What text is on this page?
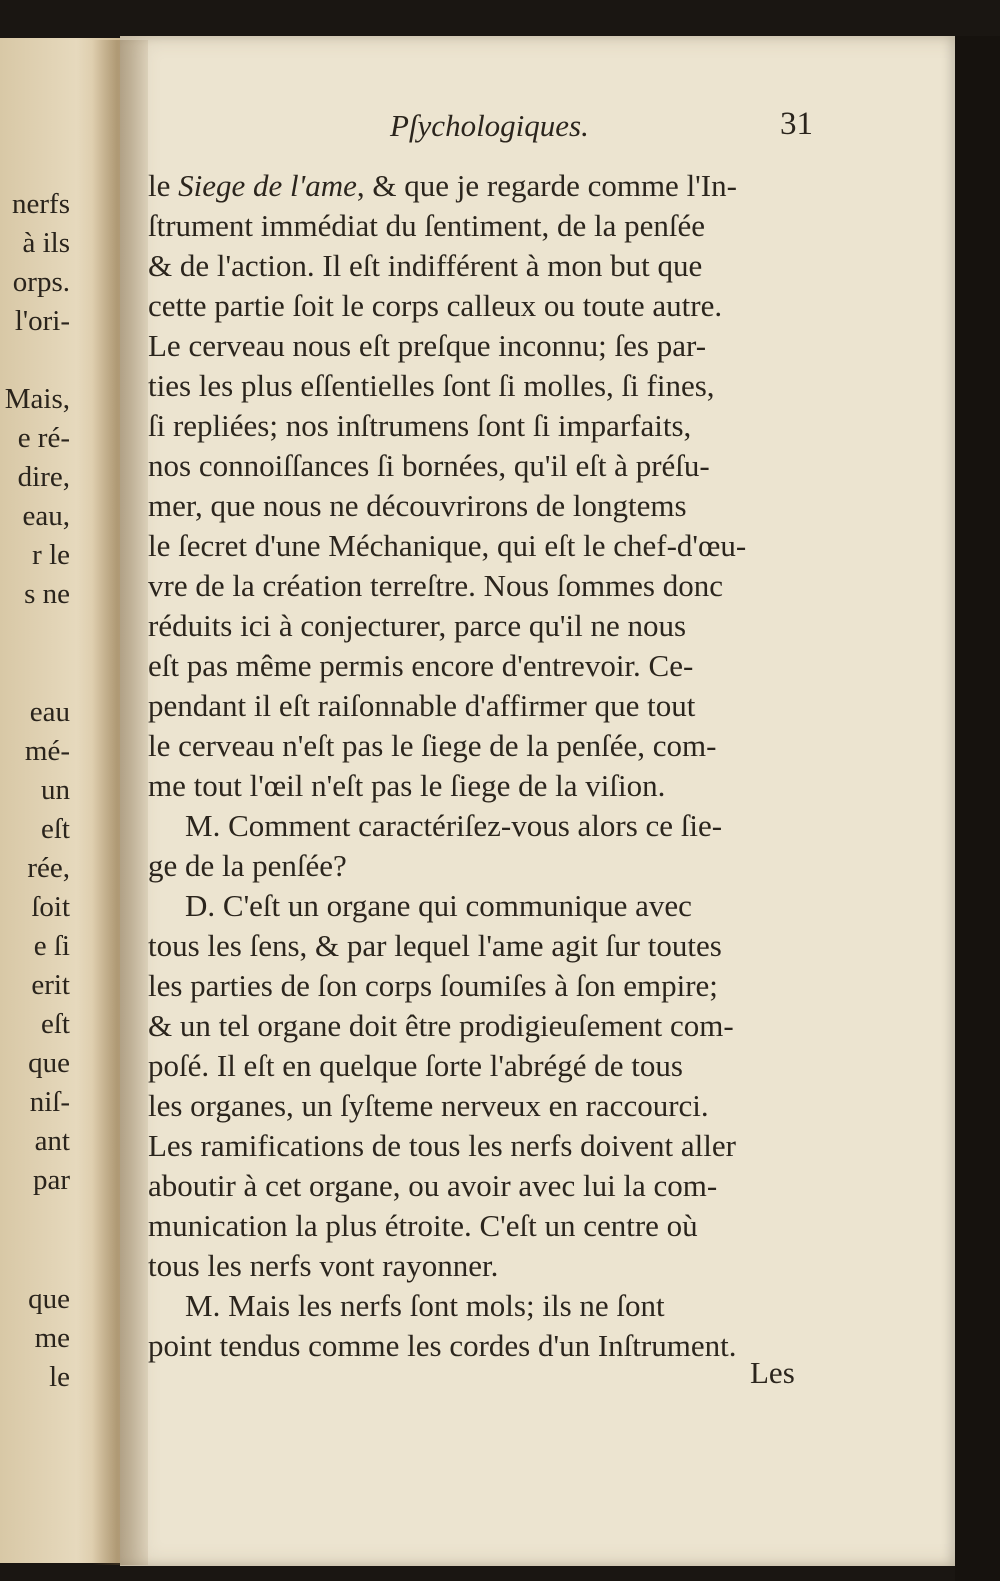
nerfs
à ils
orps.
l'ori-
Mais,
e ré-
dire,
eau,
r le
s ne
eau
mé-
un
eſt
rée,
ſoit
e ſi
erit
eſt
que
niſ-
ant
par
que
me
le
Pſychologiques.	31
le Siege de l'ame, & que je regarde comme l'In-
ſtrument immédiat du ſentiment, de la penſée
& de l'action. Il eſt indifférent à mon but que
cette partie ſoit le corps calleux ou toute autre.
Le cerveau nous eſt preſque inconnu; ſes par-
ties les plus eſſentielles ſont ſi molles, ſi fines,
ſi repliées; nos inſtrumens ſont ſi imparfaits,
nos connoiſſances ſi bornées, qu'il eſt à préſu-
mer, que nous ne découvrirons de longtems
le ſecret d'une Méchanique, qui eſt le chef-d'œu-
vre de la création terreſtre. Nous ſommes donc
réduits ici à conjecturer, parce qu'il ne nous
eſt pas même permis encore d'entrevoir. Ce-
pendant il eſt raiſonnable d'affirmer que tout
le cerveau n'eſt pas le ſiege de la penſée, com-
me tout l'œil n'eſt pas le ſiege de la viſion.
M. Comment caractériſez-vous alors ce ſie-
ge de la penſée?
D. C'eſt un organe qui communique avec
tous les ſens, & par lequel l'ame agit ſur toutes
les parties de ſon corps ſoumiſes à ſon empire;
& un tel organe doit être prodigieuſement com-
poſé. Il eſt en quelque ſorte l'abrégé de tous
les organes, un ſyſteme nerveux en raccourci.
Les ramifications de tous les nerfs doivent aller
aboutir à cet organe, ou avoir avec lui la com-
munication la plus étroite. C'eſt un centre où
tous les nerfs vont rayonner.
M. Mais les nerfs ſont mols; ils ne ſont
point tendus comme les cordes d'un Inſtrument.
Les
